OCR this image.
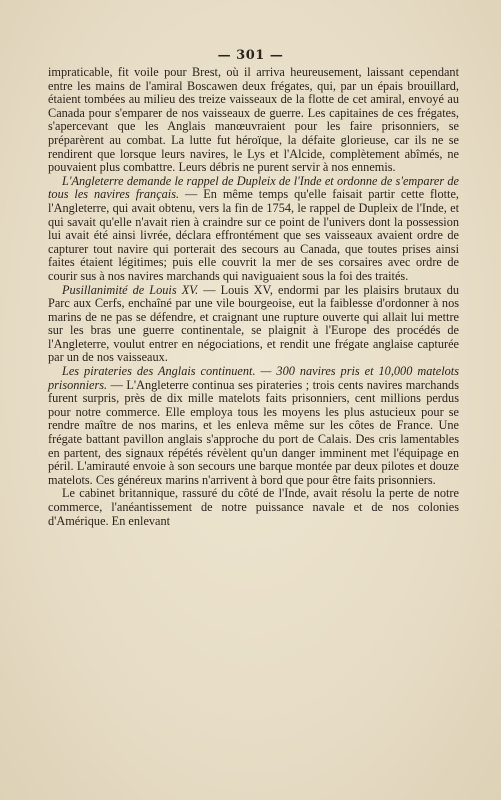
— 301 —

impraticable, fit voile pour Brest, où il arriva heureusement, laissant cependant entre les mains de l'amiral Boscawen deux frégates, qui, par un épais brouillard, étaient tombées au milieu des treize vaisseaux de la flotte de cet amiral, envoyé au Canada pour s'emparer de nos vaisseaux de guerre. Les capitaines de ces frégates, s'apercevant que les Anglais manœuvraient pour les faire prisonniers, se préparèrent au combat. La lutte fut héroïque, la défaite glorieuse, car ils ne se rendirent que lorsque leurs navires, le Lys et l'Alcide, complètement abîmés, ne pouvaient plus combattre. Leurs débris ne purent servir à nos ennemis.

L'Angleterre demande le rappel de Dupleix de l'Inde et ordonne de s'emparer de tous les navires français. — En même temps qu'elle faisait partir cette flotte, l'Angleterre, qui avait obtenu, vers la fin de 1754, le rappel de Dupleix de l'Inde, et qui savait qu'elle n'avait rien à craindre sur ce point de l'univers dont la possession lui avait été ainsi livrée, déclara effrontément que ses vaisseaux avaient ordre de capturer tout navire qui porterait des secours au Canada, que toutes prises ainsi faites étaient légitimes; puis elle couvrit la mer de ses corsaires avec ordre de courir sus à nos navires marchands qui naviguaient sous la foi des traités.

Pusillanimité de Louis XV. — Louis XV, endormi par les plaisirs brutaux du Parc aux Cerfs, enchaîné par une vile bourgeoise, eut la faiblesse d'ordonner à nos marins de ne pas se défendre, et craignant une rupture ouverte qui allait lui mettre sur les bras une guerre continentale, se plaignit à l'Europe des procédés de l'Angleterre, voulut entrer en négociations, et rendit une frégate anglaise capturée par un de nos vaisseaux.

Les pirateries des Anglais continuent. — 300 navires pris et 10,000 matelots prisonniers. — L'Angleterre continua ses pirateries ; trois cents navires marchands furent surpris, près de dix mille matelots faits prisonniers, cent millions perdus pour notre commerce. Elle employa tous les moyens les plus astucieux pour se rendre maître de nos marins, et les enleva même sur les côtes de France. Une frégate battant pavillon anglais s'approche du port de Calais. Des cris lamentables en partent, des signaux répétés révèlent qu'un danger imminent met l'équipage en péril. L'amirauté envoie à son secours une barque montée par deux pilotes et douze matelots. Ces généreux marins n'arrivent à bord que pour être faits prisonniers.

Le cabinet britannique, rassuré du côté de l'Inde, avait résolu la perte de notre commerce, l'anéantissement de notre puissance navale et de nos colonies d'Amérique. En enlevant
